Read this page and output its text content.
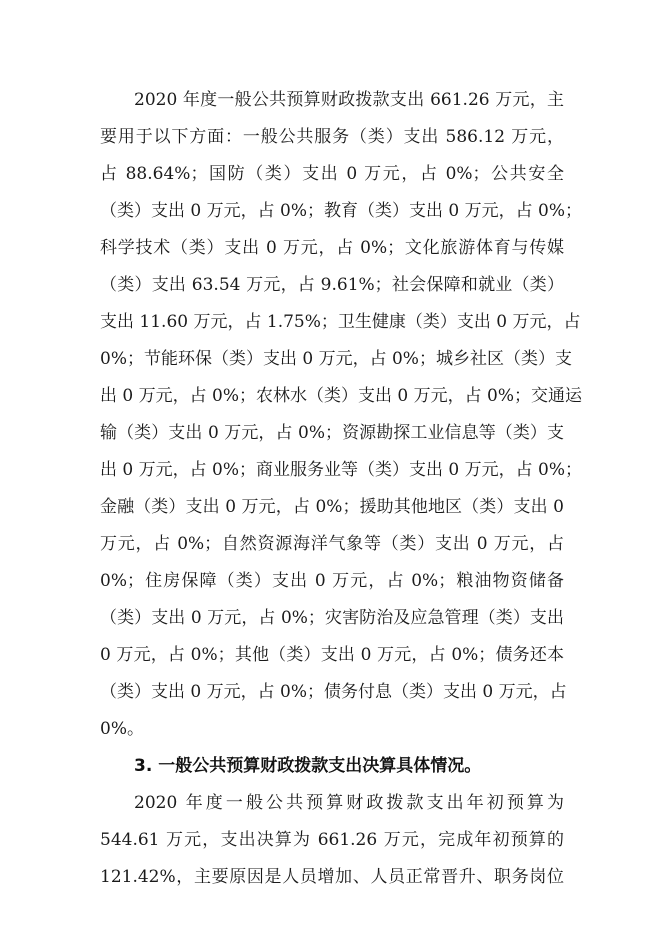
2020 年度一般公共预算财政拨款支出 661.26 万元，主
要用于以下方面：一般公共服务（类）支出 586.12 万元，
占 88.64%；国防（类）支出 0 万元，占 0%；公共安全
（类）支出 0 万元，占 0%；教育（类）支出 0 万元，占 0%；
科学技术（类）支出 0 万元，占 0%；文化旅游体育与传媒
（类）支出 63.54 万元，占 9.61%；社会保障和就业（类）
支出 11.60 万元，占 1.75%；卫生健康（类）支出 0 万元，占
0%；节能环保（类）支出 0 万元，占 0%；城乡社区（类）支
出 0 万元，占 0%；农林水（类）支出 0 万元，占 0%；交通运
输（类）支出 0 万元，占 0%；资源勘探工业信息等（类）支
出 0 万元，占 0%；商业服务业等（类）支出 0 万元，占 0%；
金融（类）支出 0 万元，占 0%；援助其他地区（类）支出 0
万元，占 0%；自然资源海洋气象等（类）支出 0 万元，占
0%；住房保障（类）支出 0 万元，占 0%；粮油物资储备
（类）支出 0 万元，占 0%；灾害防治及应急管理（类）支出
0 万元，占 0%；其他（类）支出 0 万元，占 0%；债务还本
（类）支出 0 万元，占 0%；债务付息（类）支出 0 万元，占
0%。
3. 一般公共预算财政拨款支出决算具体情况。
2020 年度一般公共预算财政拨款支出年初预算为
544.61 万元，支出决算为 661.26 万元，完成年初预算的
121.42%，主要原因是人员增加、人员正常晋升、职务岗位
